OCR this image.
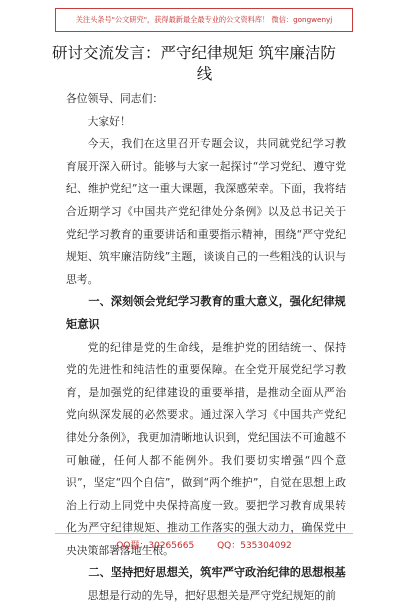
关注头条号"公文研究"，获得最新最全最专业的公文资料库！ 微信：gongwenyj
研讨交流发言：严守纪律规矩 筑牢廉洁防
线

各位领导、同志们：

大家好！

今天，我们在这里召开专题会议，共同就党纪学习教育展开深入研讨。能够与大家一起探讨“学习党纪、遵守党纪、维护党纪”这一重大课题，我深感荣幸。下面，我将结合近期学习《中国共产党纪律处分条例》以及总书记关于党纪学习教育的重要讲话和重要指示精神，围绕“严守党纪规矩、筑牢廉洁防线”主题，谈谈自己的一些粗浅的认识与思考。

一、深刻领会党纪学习教育的重大意义，强化纪律规矩意识

党的纪律是党的生命线，是维护党的团结统一、保持党的先进性和纯洁性的重要保障。在全党开展党纪学习教育，是加强党的纪律建设的重要举措，是推动全面从严治党向纵深发展的必然要求。通过深入学习《中国共产党纪律处分条例》，我更加清晰地认识到，党纪国法不可逾越不可触碰，任何人都不能例外。我们要切实增强“四个意识”，坚定“四个自信”，做到“两个维护”，自觉在思想上政治上行动上同党中央保持高度一致。要把学习教育成果转化为严守纪律规矩、推动工作落实的强大动力，确保党中央决策部署落地生根。

二、坚持把好思想关，筑牢严守政治纪律的思想根基

思想是行动的先导，把好思想关是严守党纪规矩的前

QQ群：30265665        QQ：535304092
